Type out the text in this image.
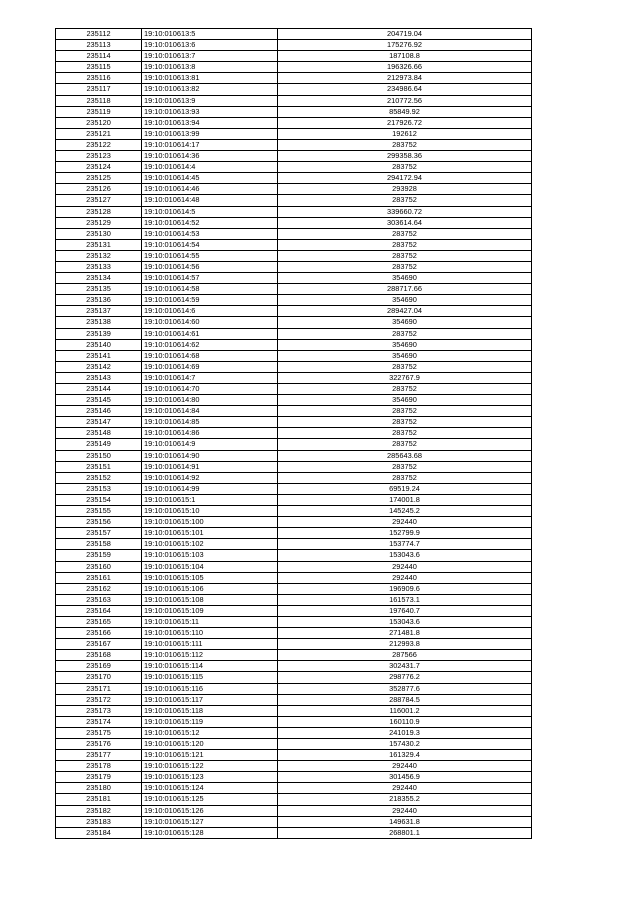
235112	19:10:010613:5	204719.04
235113	19:10:010613:6	175276.92
235114	19:10:010613:7	187108.8
235115	19:10:010613:8	196326.66
235116	19:10:010613:81	212973.84
235117	19:10:010613:82	234986.64
235118	19:10:010613:9	210772.56
235119	19:10:010613:93	85849.92
235120	19:10:010613:94	217926.72
235121	19:10:010613:99	192612
235122	19:10:010614:17	283752
235123	19:10:010614:36	299358.36
235124	19:10:010614:4	283752
235125	19:10:010614:45	294172.94
235126	19:10:010614:46	293928
235127	19:10:010614:48	283752
235128	19:10:010614:5	339660.72
235129	19:10:010614:52	303614.64
235130	19:10:010614:53	283752
235131	19:10:010614:54	283752
235132	19:10:010614:55	283752
235133	19:10:010614:56	283752
235134	19:10:010614:57	354690
235135	19:10:010614:58	288717.66
235136	19:10:010614:59	354690
235137	19:10:010614:6	289427.04
235138	19:10:010614:60	354690
235139	19:10:010614:61	283752
235140	19:10:010614:62	354690
235141	19:10:010614:68	354690
235142	19:10:010614:69	283752
235143	19:10:010614:7	322767.9
235144	19:10:010614:70	283752
235145	19:10:010614:80	354690
235146	19:10:010614:84	283752
235147	19:10:010614:85	283752
235148	19:10:010614:86	283752
235149	19:10:010614:9	283752
235150	19:10:010614:90	285643.68
235151	19:10:010614:91	283752
235152	19:10:010614:92	283752
235153	19:10:010614:99	69519.24
235154	19:10:010615:1	174001.8
235155	19:10:010615:10	145245.2
235156	19:10:010615:100	292440
235157	19:10:010615:101	152799.9
235158	19:10:010615:102	153774.7
235159	19:10:010615:103	153043.6
235160	19:10:010615:104	292440
235161	19:10:010615:105	292440
235162	19:10:010615:106	196909.6
235163	19:10:010615:108	161573.1
235164	19:10:010615:109	197640.7
235165	19:10:010615:11	153043.6
235166	19:10:010615:110	271481.8
235167	19:10:010615:111	212993.8
235168	19:10:010615:112	287566
235169	19:10:010615:114	302431.7
235170	19:10:010615:115	298776.2
235171	19:10:010615:116	352877.6
235172	19:10:010615:117	288784.5
235173	19:10:010615:118	116001.2
235174	19:10:010615:119	160110.9
235175	19:10:010615:12	241019.3
235176	19:10:010615:120	157430.2
235177	19:10:010615:121	161329.4
235178	19:10:010615:122	292440
235179	19:10:010615:123	301456.9
235180	19:10:010615:124	292440
235181	19:10:010615:125	218355.2
235182	19:10:010615:126	292440
235183	19:10:010615:127	149631.8
235184	19:10:010615:128	268801.1
